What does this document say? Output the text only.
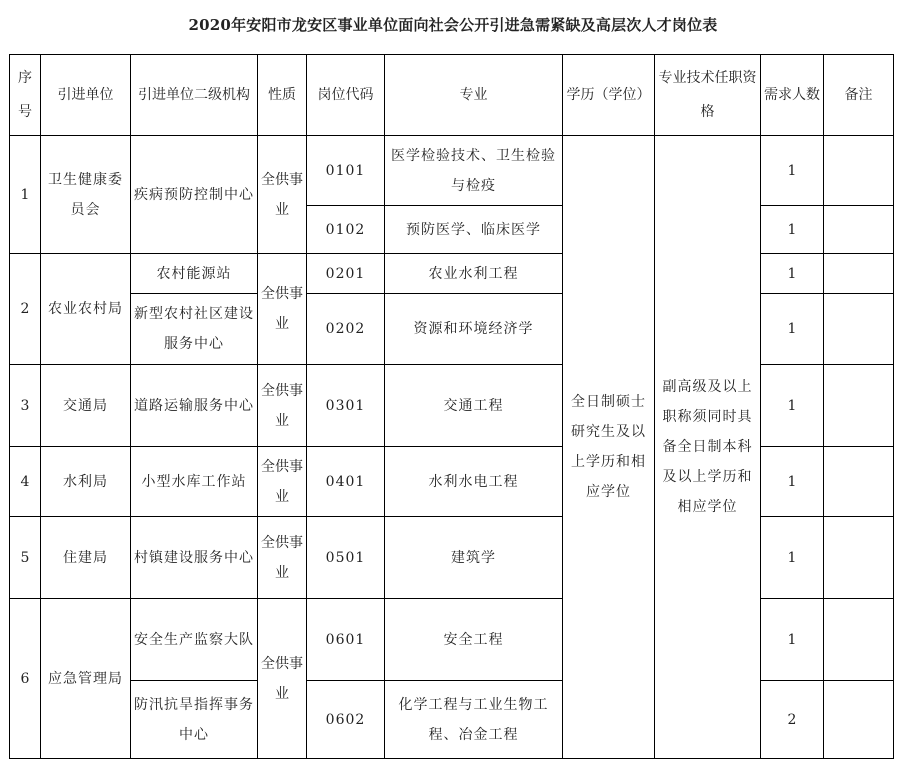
2020年安阳市龙安区事业单位面向社会公开引进急需紧缺及高层次人才岗位表
序号	引进单位	引进单位二级机构	性质	岗位代码	专业	学历（学位）	专业技术任职资格	需求人数	备注
1	卫生健康委员会	疾病预防控制中心	全供事业	0101	医学检验技术、卫生检验与检疫	全日制硕士研究生及以上学历和相应学位	副高级及以上职称须同时具备全日制本科及以上学历和相应学位	1	
				0102	预防医学、临床医学			1	
2	农业农村局	农村能源站	全供事业	0201	农业水利工程			1	
		新型农村社区建设服务中心		0202	资源和环境经济学			1	
3	交通局	道路运输服务中心	全供事业	0301	交通工程			1	
4	水利局	小型水库工作站	全供事业	0401	水利水电工程			1	
5	住建局	村镇建设服务中心	全供事业	0501	建筑学			1	
6	应急管理局	安全生产监察大队	全供事业	0601	安全工程			1	
		防汛抗旱指挥事务中心		0602	化学工程与工业生物工程、冶金工程			2	
